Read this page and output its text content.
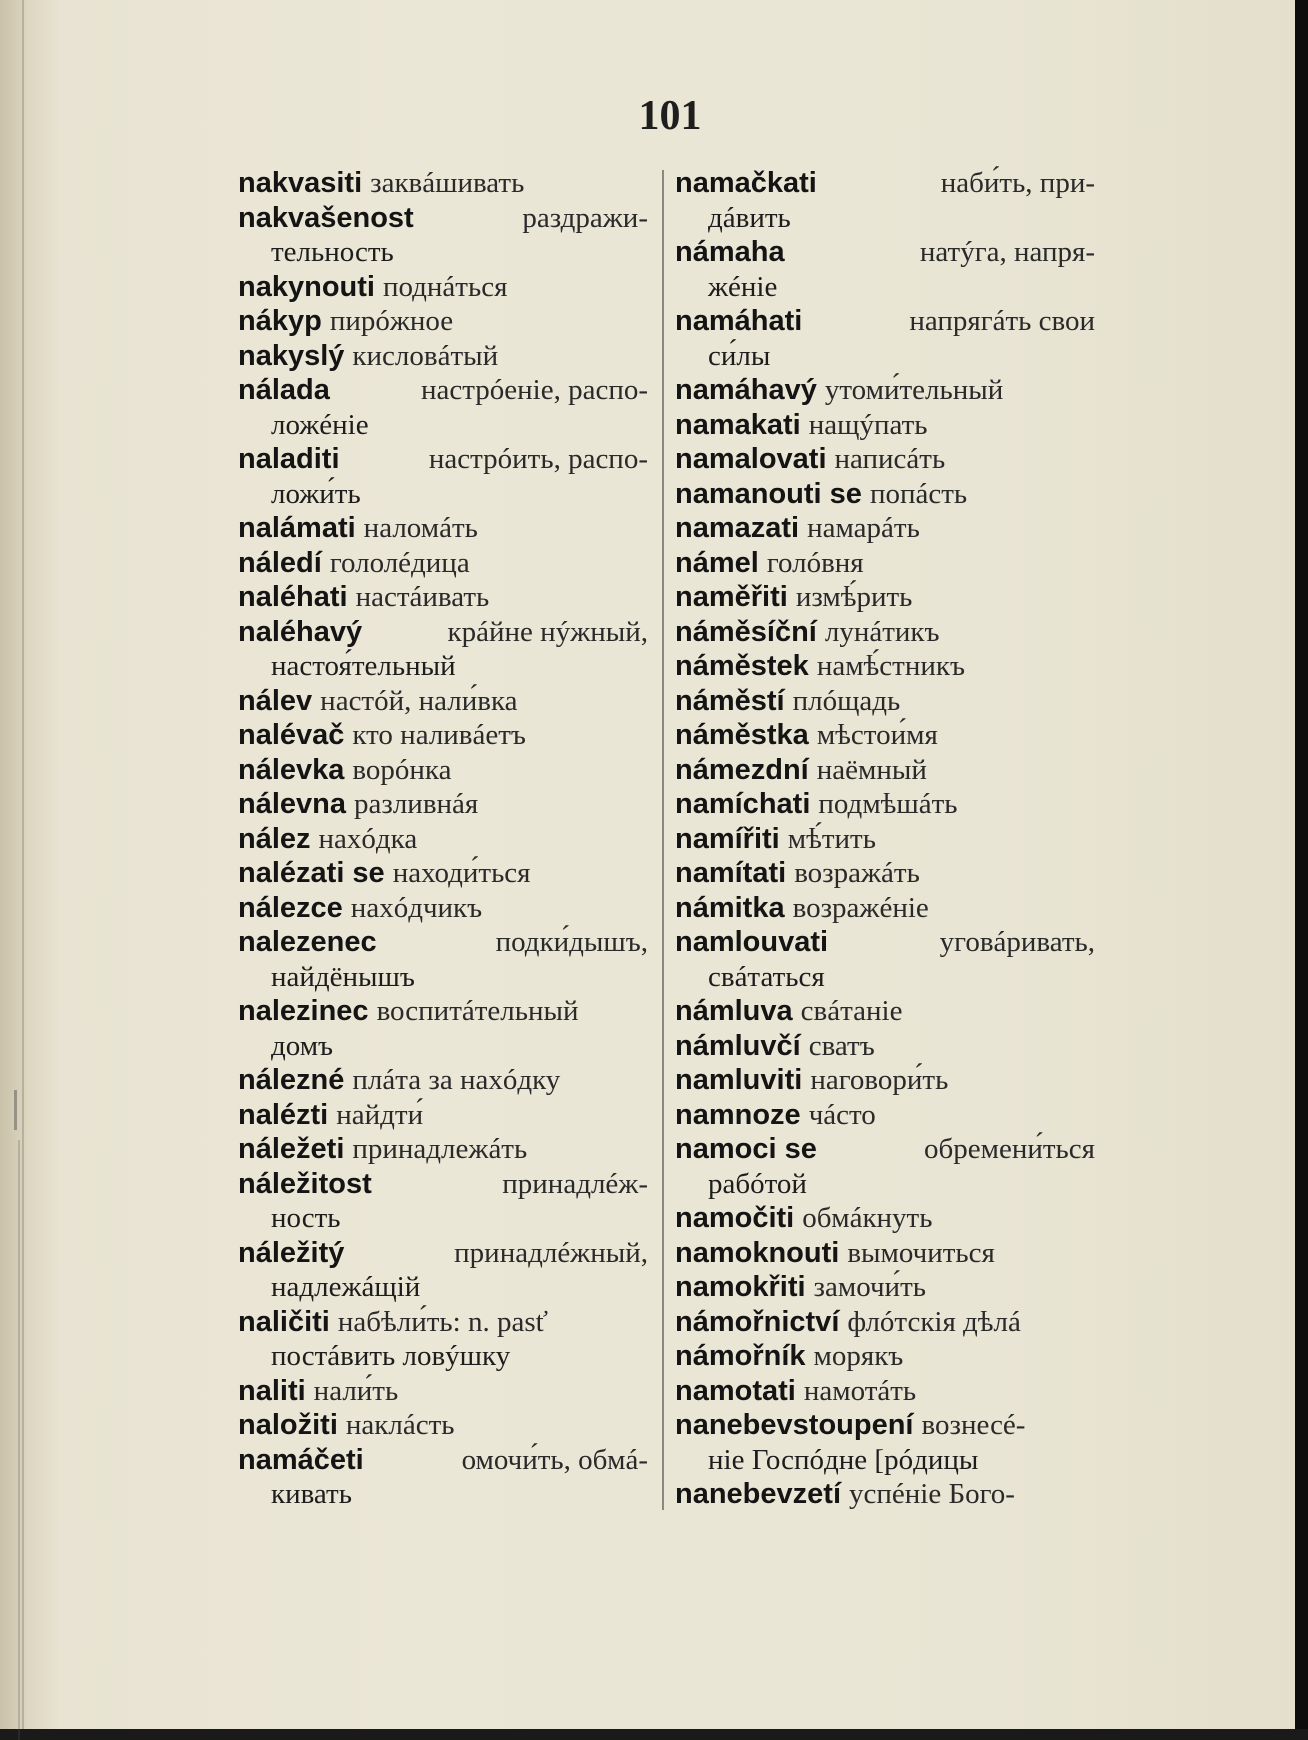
101
nakvasiti заквáшивать
nakvašenost	раздражи-
тельность
nakynouti поднáться
nákyp пирóжное
nakyslý кисловáтый
nálada	настрóеніе, распо-
ложéніе
naladiti	настрóить, распо-
ложи́ть
nalámati наломáть
náledí гололéдица
naléhati настáивать
naléhavý	крáйне нýжный,
настоя́тельный
nálev настóй, нали́вка
nalévač кто наливáетъ
nálevka ворóнка
nálevna разливнáя
nález нахóдка
nalézati se находи́ться
nálezce нахóдчикъ
nalezenec	подки́дышъ,
найдёнышъ
nalezinec воспитáтельный
домъ
nálezné плáта за нахóдку
nalézti найдти́
náležeti принадлежáть
náležitost	принадлéж-
ность
náležitý	принадлéжный,
надлежáщій
naličiti набѣли́ть: n. pasť
постáвить ловýшку
naliti нали́ть
naložiti наклáсть
namáčeti	омочи́ть, обмá-
кивать
namačkati	наби́ть, при-
дáвить
námaha	натýга, напря-
жéніе
namáhati	напрягáть свои
си́лы
namáhavý утоми́тельный
namakati нащýпать
namalovati написáть
namanouti se попáсть
namazati намарáть
námel голóвня
naměřiti измѣ́рить
náměsíční лунáтикъ
náměstek намѣ́стникъ
náměstí плóщадь
náměstka мѣстои́мя
námezdní наёмный
namíchati подмѣшáть
namířiti мѣ́тить
namítati возражáть
námitka возражéніе
namlouvati	уговáривать,
свáтаться
námluva свáтаніе
námluvčí сватъ
namluviti наговори́ть
namnoze чáсто
namoci se	обремени́ться
рабóтой
namočiti обмáкнуть
namoknouti вымочиться
namokřiti замочи́ть
námořnictví флóтскія дѣлá
námořník морякъ
namotati намотáть
nanebevstoupení вознесé-
ніе Госпóдне [рóдицы
nanebevzetí успéніе Бого-
